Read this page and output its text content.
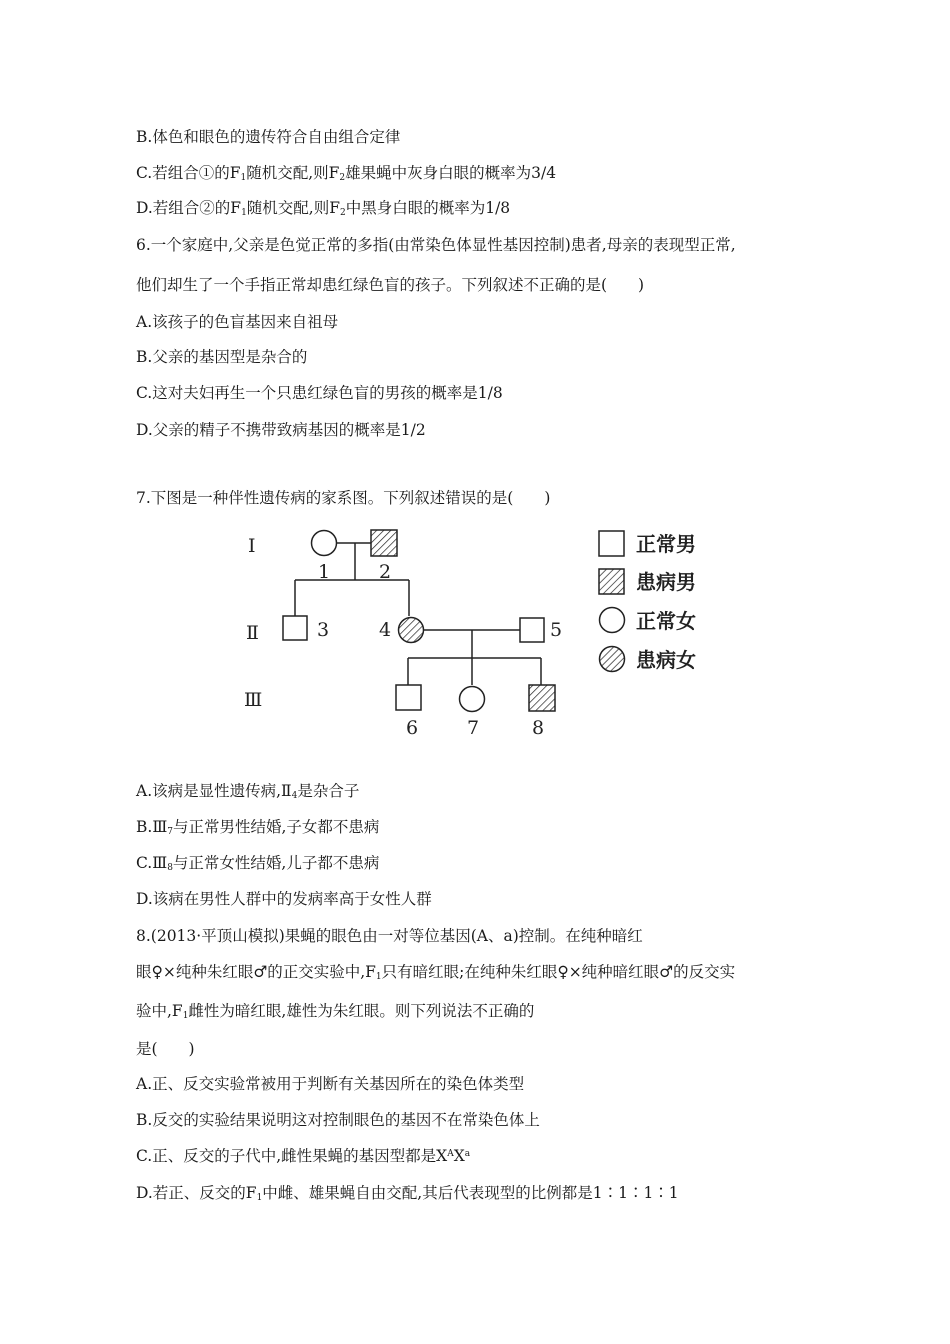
B.体色和眼色的遗传符合自由组合定律
C.若组合①的$F_1$随机交配,则$F_2$雄果蝇中灰身白眼的概率为3/4
D.若组合②的$F_1$随机交配,则$F_2$中黑身白眼的概率为1/8
6.一个家庭中,父亲是色觉正常的多指(由常染色体显性基因控制)患者,母亲的表现型正常,
他们却生了一个手指正常却患红绿色盲的孩子。下列叙述不正确的是(　　)
A.该孩子的色盲基因来自祖母
B.父亲的基因型是杂合的
C.这对夫妇再生一个只患红绿色盲的男孩的概率是1/8
D.父亲的精子不携带致病基因的概率是1/2
7.下图是一种伴性遗传病的家系图。下列叙述错误的是(　　)
Ⅰ
Ⅱ
Ⅲ
1	2
3	4	5
6	7	8
正常男
患病男
正常女
患病女
A.该病是显性遗传病$,Ⅱ_4$是杂合子
$B.Ⅲ_7$与正常男性结婚,子女都不患病
$C.Ⅲ_8$与正常女性结婚,儿子都不患病
D.该病在男性人群中的发病率高于女性人群
8.(2013·平顶山模拟)果蝇的眼色由一对等位基因(A、a)控制。在纯种暗红
眼♀×纯种朱红眼♂的正交实验中$,F_1$只有暗红眼;在纯种朱红眼♀×纯种暗红眼♂的反交实
验中$,F_1$雌性为暗红眼,雄性为朱红眼。则下列说法不正确的
是(　　)
A.正、反交实验常被用于判断有关基因所在的染色体类型
B.反交的实验结果说明这对控制眼色的基因不在常染色体上
C.正、反交的子代中,雌性果蝇的基因型都是$X^AX^a$
D.若正、反交的$F_1$中雌、雄果蝇自由交配,其后代表现型的比例都是1∶1∶1∶1
